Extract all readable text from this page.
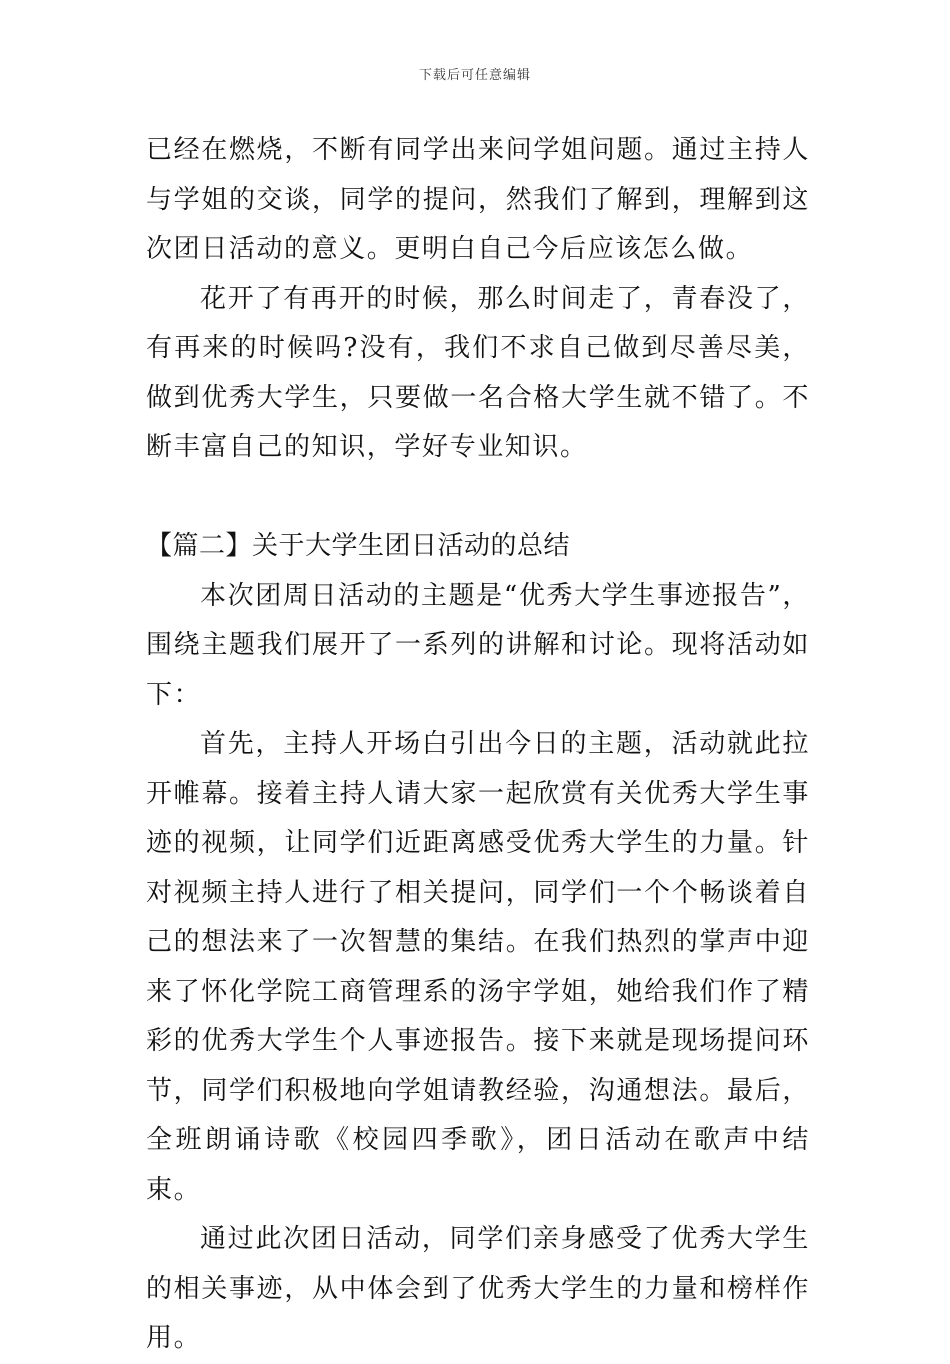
下载后可任意编辑

已经在燃烧，不断有同学出来问学姐问题。通过主持人与学姐的交谈，同学的提问，然我们了解到，理解到这次团日活动的意义。更明白自己今后应该怎么做。

花开了有再开的时候，那么时间走了，青春没了，有再来的时候吗?没有，我们不求自己做到尽善尽美，做到优秀大学生，只要做一名合格大学生就不错了。不断丰富自己的知识，学好专业知识。

【篇二】关于大学生团日活动的总结

本次团周日活动的主题是“优秀大学生事迹报告”，围绕主题我们展开了一系列的讲解和讨论。现将活动如下：

首先，主持人开场白引出今日的主题，活动就此拉开帷幕。接着主持人请大家一起欣赏有关优秀大学生事迹的视频，让同学们近距离感受优秀大学生的力量。针对视频主持人进行了相关提问，同学们一个个畅谈着自己的想法来了一次智慧的集结。在我们热烈的掌声中迎来了怀化学院工商管理系的汤宇学姐，她给我们作了精彩的优秀大学生个人事迹报告。接下来就是现场提问环节，同学们积极地向学姐请教经验，沟通想法。最后，全班朗诵诗歌《校园四季歌》，团日活动在歌声中结束。

通过此次团日活动，同学们亲身感受了优秀大学生的相关事迹，从中体会到了优秀大学生的力量和榜样作用。
